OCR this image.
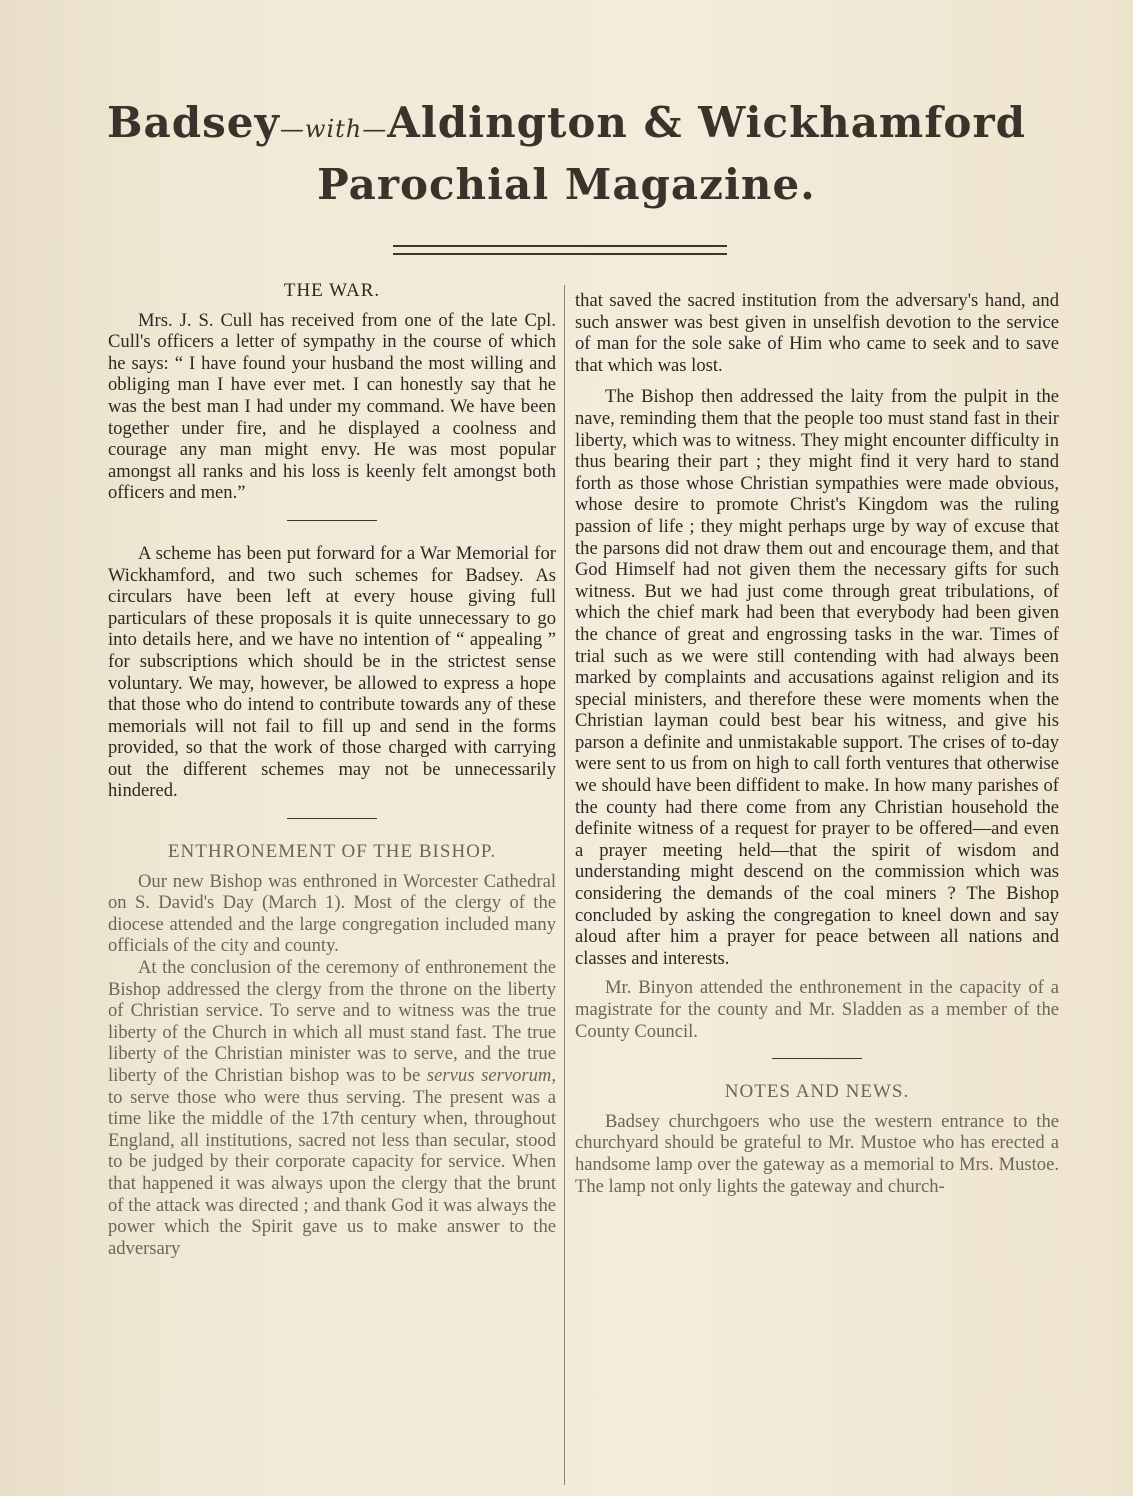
Badsey—with—Aldington & Wickhamford
Parochial Magazine.
THE WAR.

Mrs. J. S. Cull has received from one of the late Cpl. Cull's officers a letter of sympathy in the course of which he says: “ I have found your husband the most willing and obliging man I have ever met. I can honestly say that he was the best man I had under my command. We have been together under fire, and he displayed a coolness and courage any man might envy. He was most popular amongst all ranks and his loss is keenly felt amongst both officers and men.”

A scheme has been put forward for a War Memorial for Wickhamford, and two such schemes for Badsey. As circulars have been left at every house giving full particulars of these proposals it is quite unnecessary to go into details here, and we have no intention of “ appealing ” for subscriptions which should be in the strictest sense voluntary. We may, however, be allowed to express a hope that those who do intend to contribute towards any of these memorials will not fail to fill up and send in the forms provided, so that the work of those charged with carrying out the different schemes may not be unnecessarily hindered.

ENTHRONEMENT OF THE BISHOP.

Our new Bishop was enthroned in Worcester Cathedral on S. David's Day (March 1). Most of the clergy of the diocese attended and the large congregation included many officials of the city and county.

At the conclusion of the ceremony of enthronement the Bishop addressed the clergy from the throne on the liberty of Christian service. To serve and to witness was the true liberty of the Church in which all must stand fast. The true liberty of the Christian minister was to serve, and the true liberty of the Christian bishop was to be servus servorum, to serve those who were thus serving. The present was a time like the middle of the 17th century when, throughout England, all institutions, sacred not less than secular, stood to be judged by their corporate capacity for service. When that happened it was always upon the clergy that the brunt of the attack was directed ; and thank God it was always the power which the Spirit gave us to make answer to the adversary

that saved the sacred institution from the adversary's hand, and such answer was best given in unselfish devotion to the service of man for the sole sake of Him who came to seek and to save that which was lost.

The Bishop then addressed the laity from the pulpit in the nave, reminding them that the people too must stand fast in their liberty, which was to witness. They might encounter difficulty in thus bearing their part ; they might find it very hard to stand forth as those whose Christian sympathies were made obvious, whose desire to promote Christ's Kingdom was the ruling passion of life ; they might perhaps urge by way of excuse that the parsons did not draw them out and encourage them, and that God Himself had not given them the necessary gifts for such witness. But we had just come through great tribulations, of which the chief mark had been that everybody had been given the chance of great and engrossing tasks in the war. Times of trial such as we were still contending with had always been marked by complaints and accusations against religion and its special ministers, and therefore these were moments when the Christian layman could best bear his witness, and give his parson a definite and unmistakable support. The crises of to-day were sent to us from on high to call forth ventures that otherwise we should have been diffident to make. In how many parishes of the county had there come from any Christian household the definite witness of a request for prayer to be offered—and even a prayer meeting held—that the spirit of wisdom and understanding might descend on the commission which was considering the demands of the coal miners ? The Bishop concluded by asking the congregation to kneel down and say aloud after him a prayer for peace between all nations and classes and interests.

Mr. Binyon attended the enthronement in the capacity of a magistrate for the county and Mr. Sladden as a member of the County Council.

NOTES AND NEWS.

Badsey churchgoers who use the western entrance to the churchyard should be grateful to Mr. Mustoe who has erected a handsome lamp over the gateway as a memorial to Mrs. Mustoe. The lamp not only lights the gateway and church-
